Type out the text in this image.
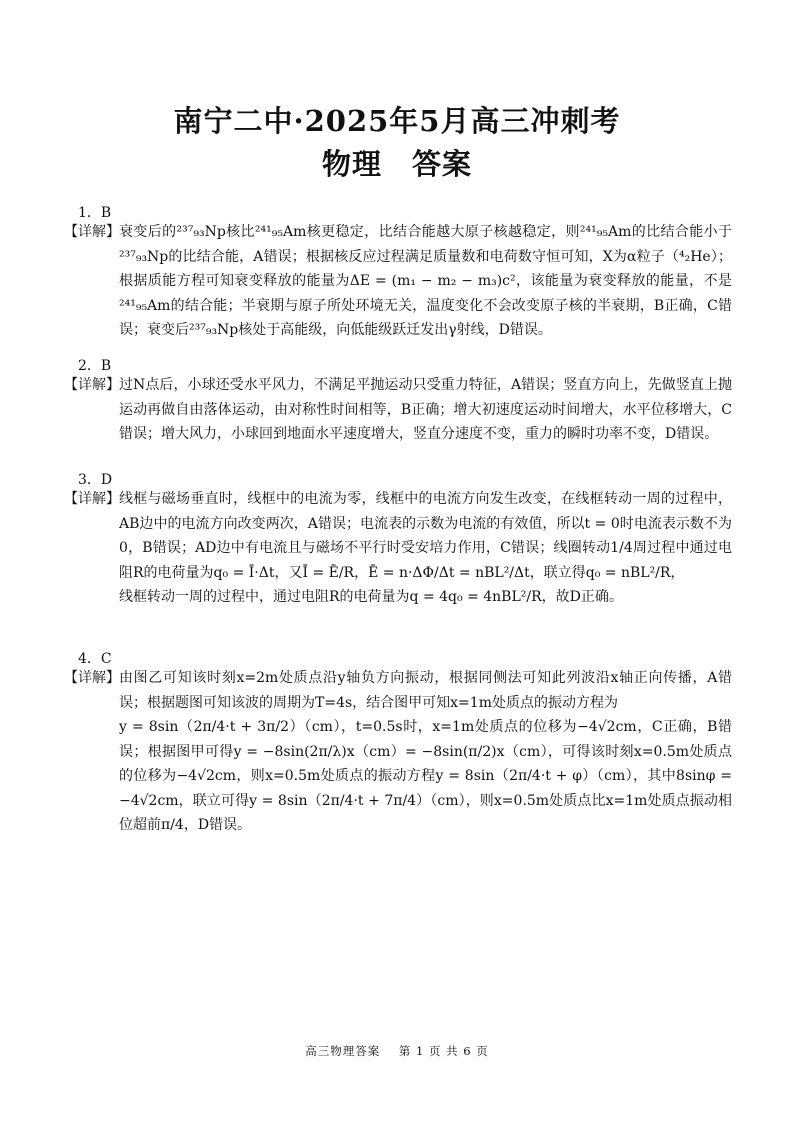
南宁二中·2025年5月高三冲刺考
物理　答案
1．B
【详解】 衰变后的²³⁷₉₃Np核比²⁴¹₉₅Am核更稳定，比结合能越大原子核越稳定，则²⁴¹₉₅Am的比结合能小于²³⁷₉₃Np的比结合能，A错误；根据核反应过程满足质量数和电荷数守恒可知，X为α粒子（⁴₂He）；根据质能方程可知衰变释放的能量为ΔE = (m₁ − m₂ − m₃)c²，该能量为衰变释放的能量，不是²⁴¹₉₅Am的结合能；半衰期与原子所处环境无关，温度变化不会改变原子核的半衰期，B正确，C错误；衰变后²³⁷₉₃Np核处于高能级，向低能级跃迁发出γ射线，D错误。

2．B
【详解】 过N点后，小球还受水平风力，不满足平抛运动只受重力特征，A错误；竖直方向上，先做竖直上抛运动再做自由落体运动，由对称性时间相等，B正确；增大初速度运动时间增大，水平位移增大，C错误；增大风力，小球回到地面水平速度增大，竖直分速度不变，重力的瞬时功率不变，D错误。

3．D
【详解】 线框与磁场垂直时，线框中的电流为零，线框中的电流方向发生改变，在线框转动一周的过程中，AB边中的电流方向改变两次，A错误；电流表的示数为电流的有效值，所以t = 0时电流表示数不为0，B错误；AD边中有电流且与磁场不平行时受安培力作用，C错误；线圈转动1/4周过程中通过电阻R的电荷量为q₀ = Ī·Δt，又Ī = Ē/R，Ē = n·ΔΦ/Δt = nBL²/Δt，联立得q₀ = nBL²/R，

线框转动一周的过程中，通过电阻R的电荷量为q = 4q₀ = 4nBL²/R，故D正确。

4．C
【详解】 由图乙可知该时刻x=2m处质点沿y轴负方向振动，根据同侧法可知此列波沿x轴正向传播，A错误；根据题图可知该波的周期为T=4s，结合图甲可知x=1m处质点的振动方程为

y = 8sin（2π/4·t + 3π/2）（cm），t=0.5s时，x=1m处质点的位移为−4√2cm，C正确，B错误；根据图甲可得y = −8sin(2π/λ)x（cm）= −8sin(π/2)x（cm），可得该时刻x=0.5m处质点的位移为−4√2cm，则x=0.5m处质点的振动方程y = 8sin（2π/4·t + φ）（cm），其中8sinφ = −4√2cm，联立可得y = 8sin（2π/4·t + 7π/4）（cm），则x=0.5m处质点比x=1m处质点振动相位超前π/4，D错误。

高三物理答案 第 1 页 共 6 页
